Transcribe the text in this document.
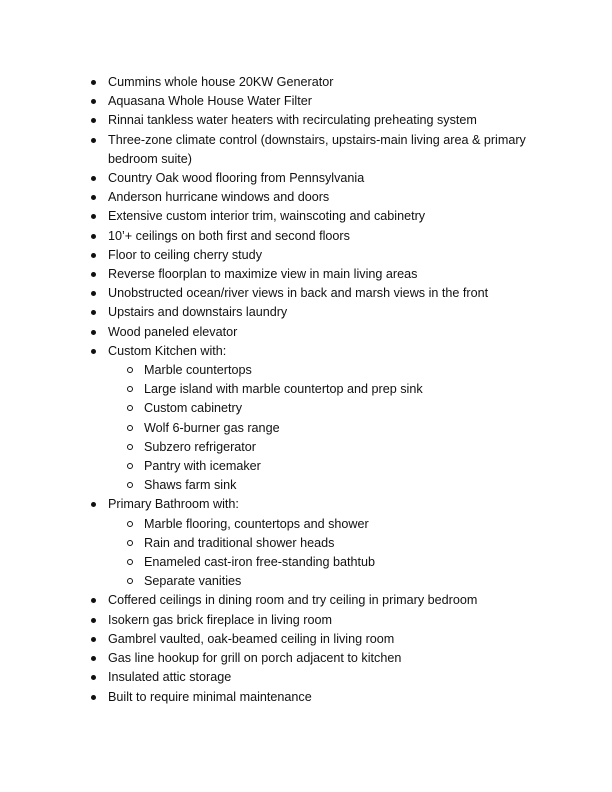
Cummins whole house 20KW Generator
Aquasana Whole House Water Filter
Rinnai tankless water heaters with recirculating preheating system
Three-zone climate control (downstairs, upstairs-main living area & primary bedroom suite)
Country Oak wood flooring from Pennsylvania
Anderson hurricane windows and doors
Extensive custom interior trim, wainscoting and cabinetry
10’+ ceilings on both first and second floors
Floor to ceiling cherry study
Reverse floorplan to maximize view in main living areas
Unobstructed ocean/river views in back and marsh views in the front
Upstairs and downstairs laundry
Wood paneled elevator
Custom Kitchen with:
Marble countertops
Large island with marble countertop and prep sink
Custom cabinetry
Wolf 6-burner gas range
Subzero refrigerator
Pantry with icemaker
Shaws farm sink
Primary Bathroom with:
Marble flooring, countertops and shower
Rain and traditional shower heads
Enameled cast-iron free-standing bathtub
Separate vanities
Coffered ceilings in dining room and try ceiling in primary bedroom
Isokern gas brick fireplace in living room
Gambrel vaulted, oak-beamed ceiling in living room
Gas line hookup for grill on porch adjacent to kitchen
Insulated attic storage
Built to require minimal maintenance
